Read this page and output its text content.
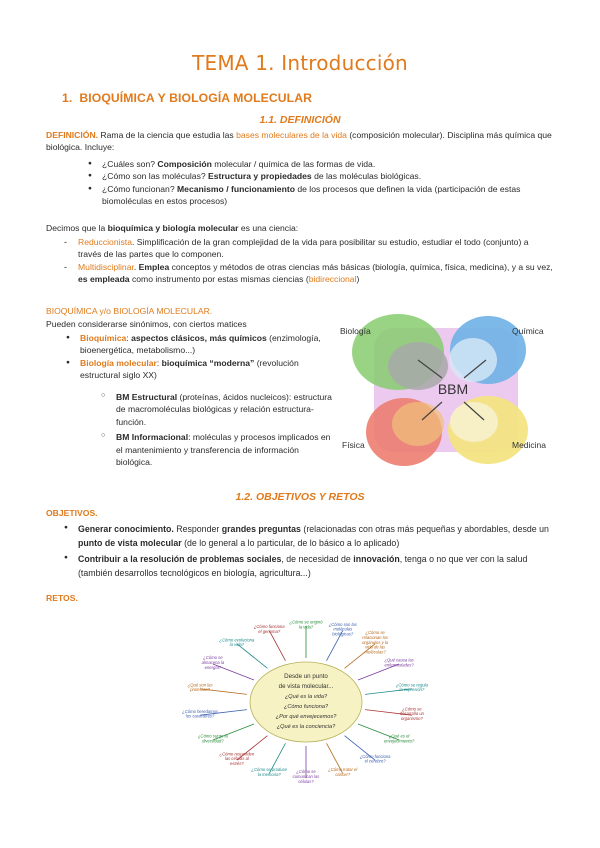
TEMA 1. Introducción
1. BIOQUÍMICA Y BIOLOGÍA MOLECULAR
1.1. DEFINICIÓN
DEFINICIÓN. Rama de la ciencia que estudia las bases moleculares de la vida (composición molecular). Disciplina más química que biológica. Incluye:
● ¿Cuáles son? Composición molecular / química de las formas de vida.
● ¿Cómo son las moléculas? Estructura y propiedades de las moléculas biológicas.
● ¿Cómo funcionan? Mecanismo / funcionamiento de los procesos que definen la vida (participación de estas biomoléculas en estos procesos)
Decimos que la bioquímica y biología molecular es una ciencia:
- Reduccionista. Simplificación de la gran complejidad de la vida para posibilitar su estudio, estudiar el todo (conjunto) a través de las partes que lo componen.
- Multidisciplinar. Emplea conceptos y métodos de otras ciencias más básicas (biología, química, física, medicina), y a su vez, es empleada como instrumento por estas mismas ciencias (bidireccional)
BIOQUÍMICA y/o BIOLOGÍA MOLECULAR.
Pueden considerarse sinónimos, con ciertos matices
● Bioquímica: aspectos clásicos, más químicos (enzimología, bioenergética, metabolismo...)
● Biología molecular: bioquímica “moderna” (revolución estructural siglo XX)
○ BM Estructural (proteínas, ácidos nucleicos): estructura de macromoléculas biológicas y relación estructura-función.
○ BM Informacional: moléculas y procesos implicados en el mantenimiento y transferencia de información biológica.
BBM
Biología	Química
Física	Medicina
1.2. OBJETIVOS Y RETOS
OBJETIVOS.
● Generar conocimiento. Responder grandes preguntas (relacionadas con otras más pequeñas y abordables, desde un punto de vista molecular (de lo general a lo particular, de lo básico a lo aplicado)
● Contribuir a la resolución de problemas sociales, de necesidad de innovación, tenga o no que ver con la salud (también desarrollos tecnológicos en biología, agricultura...)
RETOS.
Desde un punto
de vista molecular...
¿Qué es la vida?
¿Cómo funciona?
¿Por qué envejecemos?
¿Qué es la conciencia?
¿Cómo se originó la vida?
¿Cómo son las moléculas biológicas?	¿Cómo se relacionan los orgánulos y la vida de las moléculas?
¿Qué causa las enfermedades?
¿Cómo se regula la expresión?
¿Cómo se desarrolla un organismo?
¿Qué es el envejecimiento?
¿Cómo funciona el cerebro?
¿Cómo tratar el cáncer?
¿Cómo se comunican las células?
¿Cómo se produce la memoria?
¿Cómo responden las células al estrés?
¿Cómo surge la diversidad?
¿Cómo heredamos los caracteres?
¿Qué son las proteínas?
¿Cómo se almacena la energía?
¿Cómo evoluciona la vida?
¿Cómo funciona el genoma?
